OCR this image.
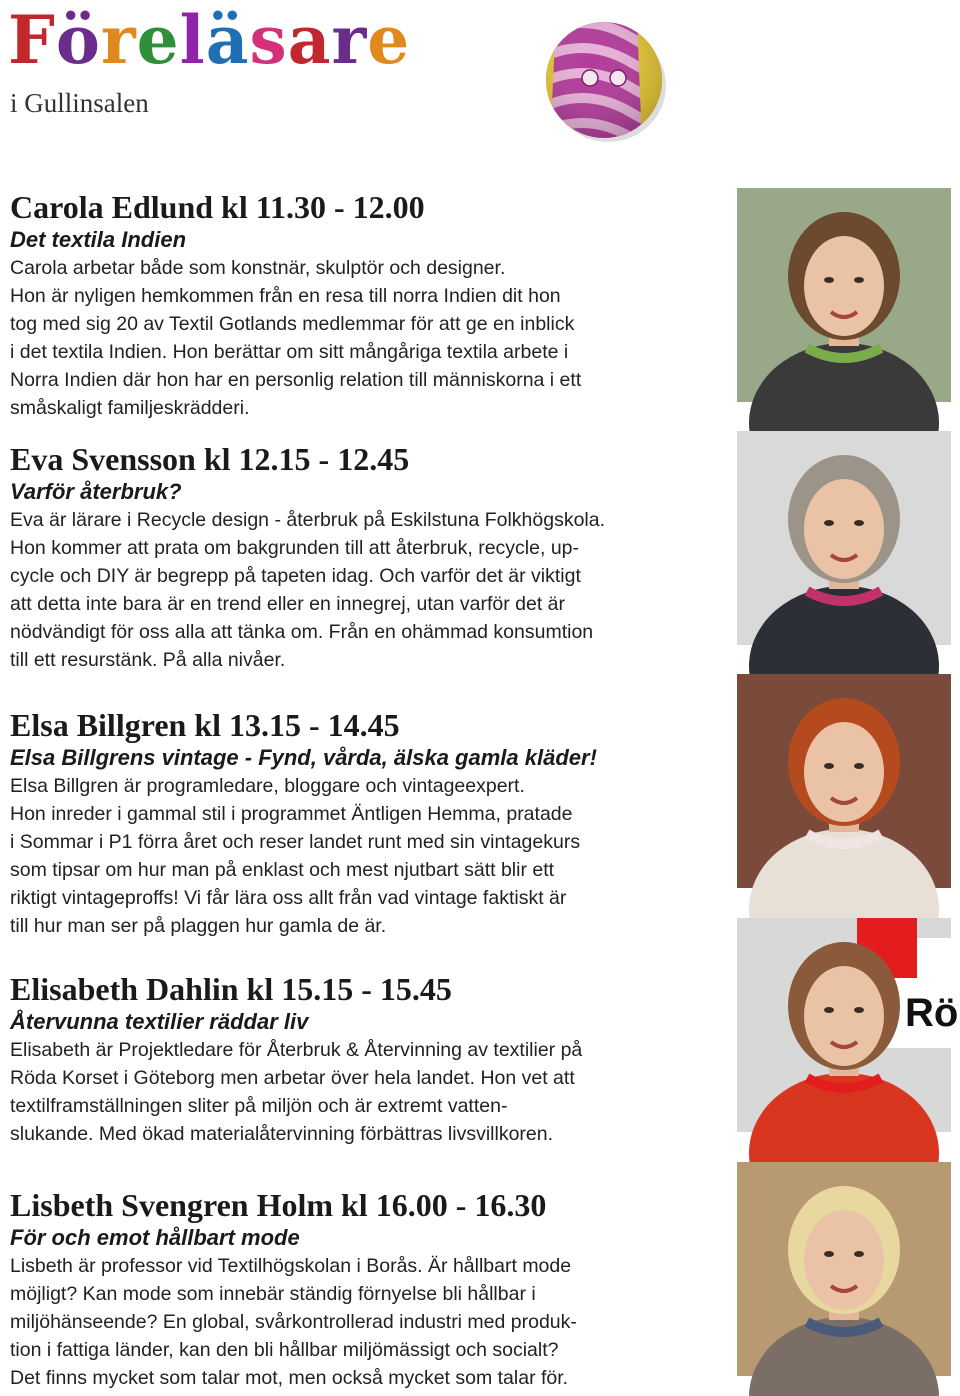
F ö r e l ä s a r e
i Gullinsalen
Carola Edlund kl 11.30 - 12.00
Det textila Indien
Carola arbetar både som konstnär, skulptör och designer.
Hon är nyligen hemkommen från en resa till norra Indien dit hon
tog med sig 20 av Textil Gotlands medlemmar för att ge en inblick
i det textila Indien. Hon berättar om sitt mångåriga textila arbete i
Norra Indien där hon har en personlig relation till människorna i ett
småskaligt familjeskrädderi.
Eva Svensson kl 12.15 - 12.45
Varför återbruk?
Eva är lärare i Recycle design - återbruk på Eskilstuna Folkhögskola.
Hon kommer att prata om bakgrunden till att återbruk, recycle, up-
cycle och DIY är begrepp på tapeten idag. Och varför det är viktigt
att detta inte bara är en trend eller en innegrej, utan varför det är
nödvändigt för oss alla att tänka om. Från en ohämmad konsumtion
till ett resurstänk. På alla nivåer.
Elsa Billgren kl 13.15 - 14.45
Elsa Billgrens vintage - Fynd, vårda, älska gamla kläder!
Elsa Billgren är programledare, bloggare och vintageexpert.
Hon inreder i gammal stil i programmet Äntligen Hemma, pratade
i Sommar i P1 förra året och reser landet runt med sin vintagekurs
som tipsar om hur man på enklast och mest njutbart sätt blir ett
riktigt vintageproffs! Vi får lära oss allt från vad vintage faktiskt är
till hur man ser på plaggen hur gamla de är.
Elisabeth Dahlin kl 15.15 - 15.45
Återvunna textilier räddar liv
Elisabeth är Projektledare för Återbruk & Återvinning av textilier på
Röda Korset i Göteborg men arbetar över hela landet. Hon vet att
textilframställningen sliter på miljön och är extremt vatten-
slukande. Med ökad materialåtervinning förbättras livsvillkoren.
Lisbeth Svengren Holm kl 16.00 - 16.30
För och emot hållbart mode
Lisbeth är professor vid Textilhögskolan i Borås. Är hållbart mode
möjligt? Kan mode som innebär ständig förnyelse bli hållbar i
miljöhänseende? En global, svårkontrollerad industri med produk-
tion i fattiga länder, kan den bli hållbar miljömässigt och socialt?
Det finns mycket som talar mot, men också mycket som talar för.
Rö
